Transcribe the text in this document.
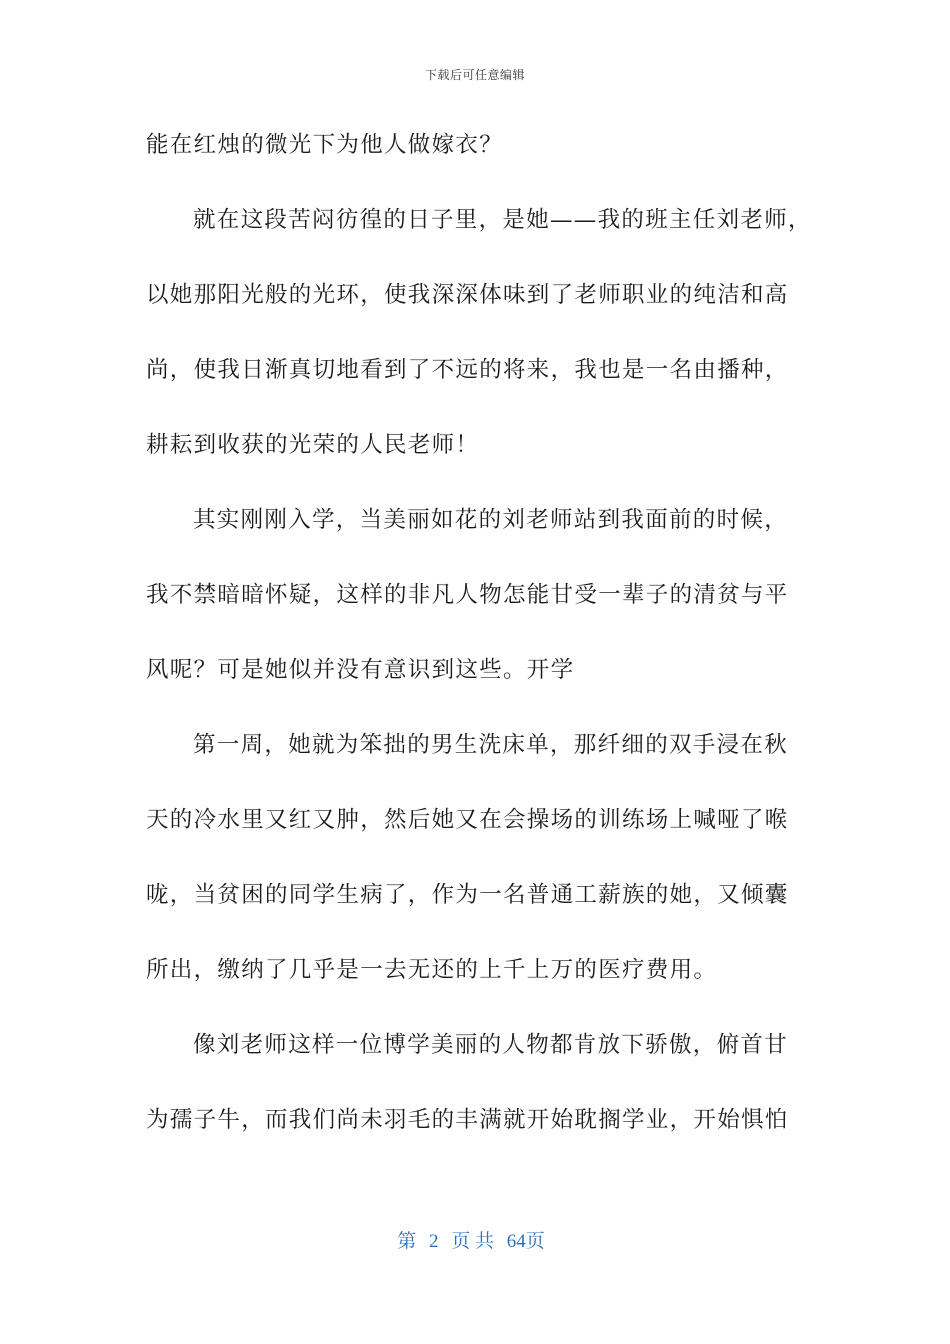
下载后可任意编辑
能在红烛的微光下为他人做嫁衣？
就在这段苦闷彷徨的日子里，是她——我的班主任刘老师，
以她那阳光般的光环，使我深深体味到了老师职业的纯洁和高
尚，使我日渐真切地看到了不远的将来，我也是一名由播种，
耕耘到收获的光荣的人民老师！
其实刚刚入学，当美丽如花的刘老师站到我面前的时候，
我不禁暗暗怀疑，这样的非凡人物怎能甘受一辈子的清贫与平
风呢？可是她似并没有意识到这些。开学
第一周，她就为笨拙的男生洗床单，那纤细的双手浸在秋
天的冷水里又红又肿，然后她又在会操场的训练场上喊哑了喉
咙，当贫困的同学生病了，作为一名普通工薪族的她，又倾囊
所出，缴纳了几乎是一去无还的上千上万的医疗费用。
像刘老师这样一位博学美丽的人物都肯放下骄傲，俯首甘
为孺子牛，而我们尚未羽毛的丰满就开始耽搁学业，开始惧怕
第 2 页 共 64页
